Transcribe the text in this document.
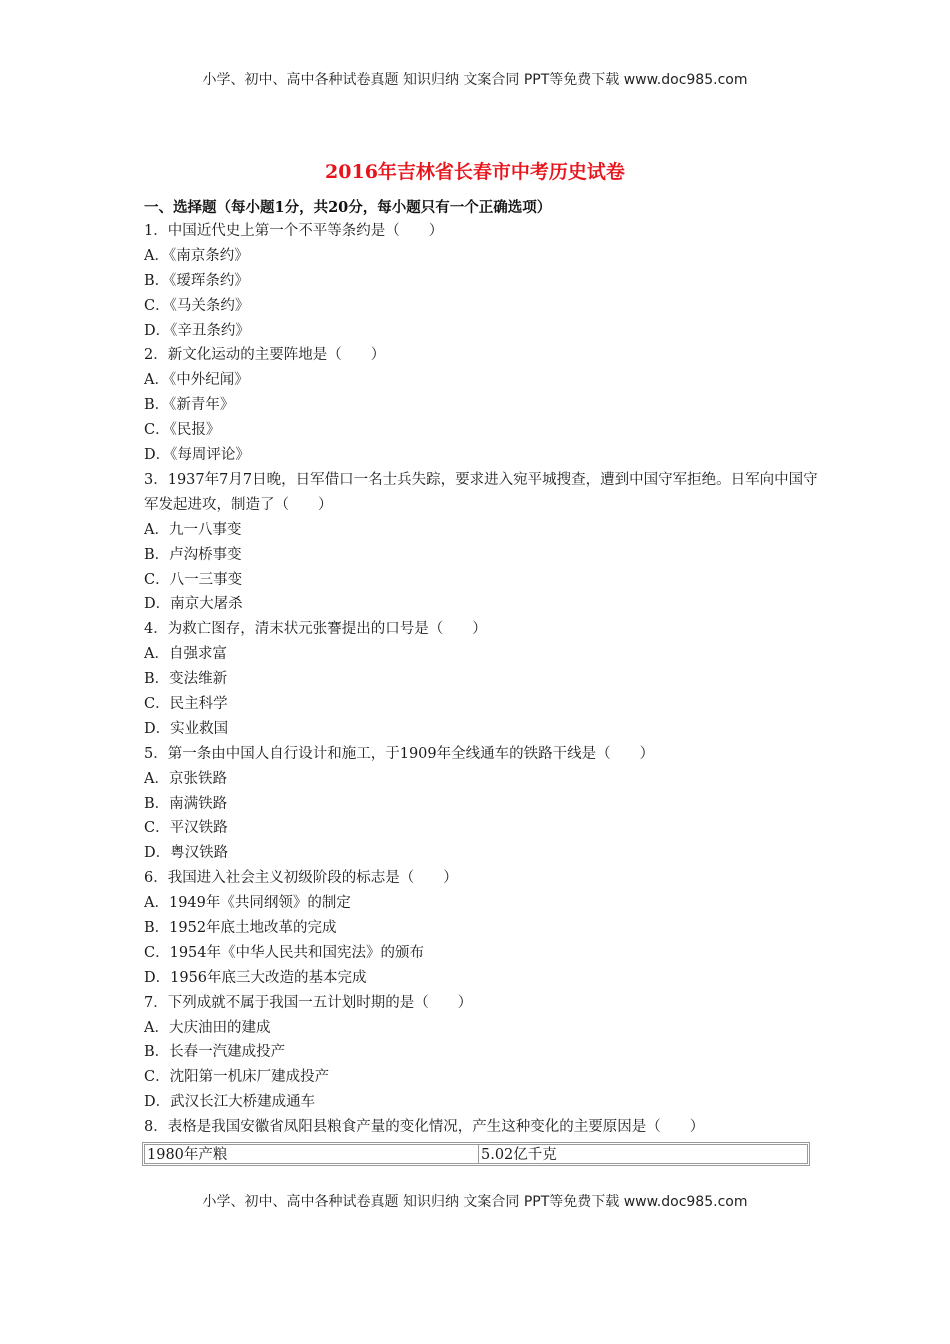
小学、初中、高中各种试卷真题 知识归纳 文案合同 PPT等免费下载 www.doc985.com
2016年吉林省长春市中考历史试卷
一、选择题（每小题1分，共20分，每小题只有一个正确选项）
1．中国近代史上第一个不平等条约是（　　）
A．《南京条约》
B．《瑷珲条约》
C．《马关条约》
D．《辛丑条约》
2．新文化运动的主要阵地是（　　）
A．《中外纪闻》
B．《新青年》
C．《民报》
D．《每周评论》
3．1937年7月7日晚，日军借口一名士兵失踪，要求进入宛平城搜查，遭到中国守军拒绝。日军向中国守军发起进攻，制造了（　　）
A．九一八事变
B．卢沟桥事变
C．八一三事变
D．南京大屠杀
4．为救亡图存，清末状元张謇提出的口号是（　　）
A．自强求富
B．变法维新
C．民主科学
D．实业救国
5．第一条由中国人自行设计和施工，于1909年全线通车的铁路干线是（　　）
A．京张铁路
B．南满铁路
C．平汉铁路
D．粤汉铁路
6．我国进入社会主义初级阶段的标志是（　　）
A．1949年《共同纲领》的制定
B．1952年底土地改革的完成
C．1954年《中华人民共和国宪法》的颁布
D．1956年底三大改造的基本完成
7．下列成就不属于我国一五计划时期的是（　　）
A．大庆油田的建成
B．长春一汽建成投产
C．沈阳第一机床厂建成投产
D．武汉长江大桥建成通车
8．表格是我国安徽省凤阳县粮食产量的变化情况，产生这种变化的主要原因是（　　）
1980年产粮	5.02亿千克
小学、初中、高中各种试卷真题 知识归纳 文案合同 PPT等免费下载 www.doc985.com
